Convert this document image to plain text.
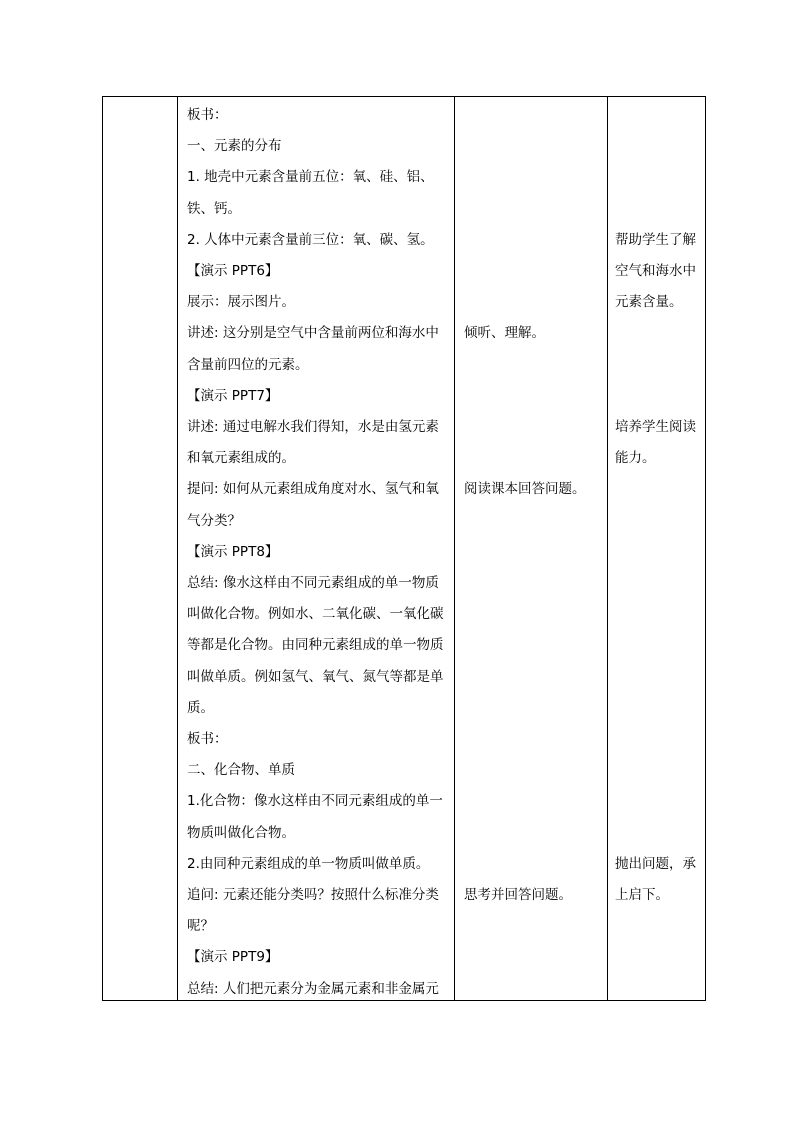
板书：
一、元素的分布
1. 地壳中元素含量前五位：氧、硅、铝、
铁、钙。
2. 人体中元素含量前三位：氧、碳、氢。
【演示 PPT6】
展示：展示图片。
讲述: 这分别是空气中含量前两位和海水中
含量前四位的元素。
【演示 PPT7】
讲述: 通过电解水我们得知，水是由氢元素
和氧元素组成的。
提问: 如何从元素组成角度对水、氢气和氧
气分类？
【演示 PPT8】
总结: 像水这样由不同元素组成的单一物质
叫做化合物。例如水、二氧化碳、一氧化碳
等都是化合物。由同种元素组成的单一物质
叫做单质。例如氢气、氧气、氮气等都是单
质。
板书：
二、化合物、单质
1.化合物：像水这样由不同元素组成的单一
物质叫做化合物。
2.由同种元素组成的单一物质叫做单质。
追问: 元素还能分类吗？按照什么标准分类
呢？
【演示 PPT9】
总结: 人们把元素分为金属元素和非金属元
倾听、理解。
阅读课本回答问题。
思考并回答问题。
帮助学生了解
空气和海水中
元素含量。
培养学生阅读
能力。
抛出问题，承
上启下。
